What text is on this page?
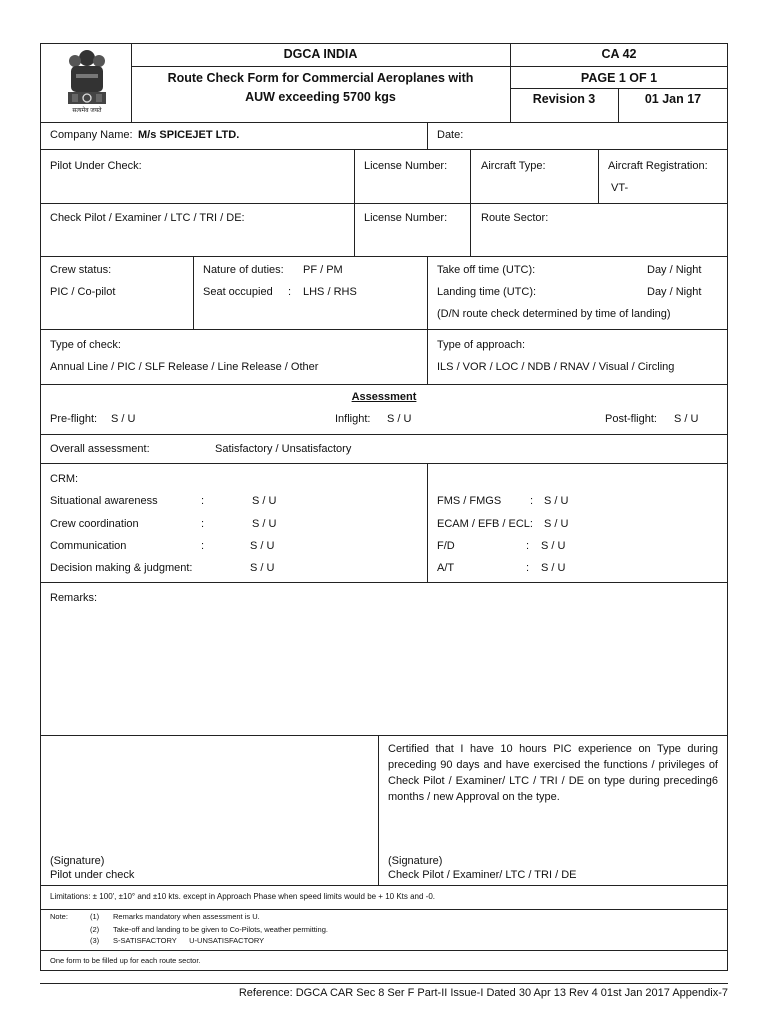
सत्यमेव जयते
DGCA INDIA
Route Check Form for Commercial Aeroplanes with
AUW exceeding 5700 kgs
CA 42
PAGE 1 OF 1
Revision 3	01 Jan 17
Company Name: M/s SPICEJET LTD.	Date:
Pilot Under Check:	License Number:	Aircraft Type:	Aircraft Registration:
VT-
Check Pilot / Examiner / LTC / TRI / DE:	License Number:	Route Sector:
Crew status:
PIC / Co-pilot
Nature of duties: PF / PM
Seat occupied : LHS / RHS
Take off time (UTC):	Day / Night
Landing time (UTC):	Day / Night
(D/N route check determined by time of landing)
Type of check:
Annual Line / PIC / SLF Release / Line Release / Other
Type of approach:
ILS / VOR / LOC / NDB / RNAV / Visual / Circling
Assessment
Pre-flight: S / U	Inflight: S / U	Post-flight: S / U
Overall assessment:	Satisfactory / Unsatisfactory
CRM:
Situational awareness	:	S / U
Crew coordination	:	S / U
Communication	:	S / U
Decision making & judgment:	S / U
FMS / FMGS	: S / U
ECAM / EFB / ECL: S / U
F/D	: S / U
A/T	: S / U
Remarks:
(Signature)
Pilot under check
Certified that I have 10 hours PIC experience on Type during preceding 90 days and have exercised the functions / privileges of Check Pilot / Examiner/ LTC / TRI / DE on type during preceding6 months / new Approval on the type.
(Signature)
Check Pilot / Examiner/ LTC / TRI / DE
Limitations: ± 100', ±10° and ±10 kts. except in Approach Phase when speed limits would be + 10 Kts and -0.
Note:	(1) Remarks mandatory when assessment is U.
(2) Take-off and landing to be given to Co-Pilots, weather permitting.
(3) S-SATISFACTORY      U-UNSATISFACTORY
One form to be filled up for each route sector.
Reference: DGCA CAR Sec 8 Ser F Part-II Issue-I Dated 30 Apr 13 Rev 4 01st Jan 2017 Appendix-7
